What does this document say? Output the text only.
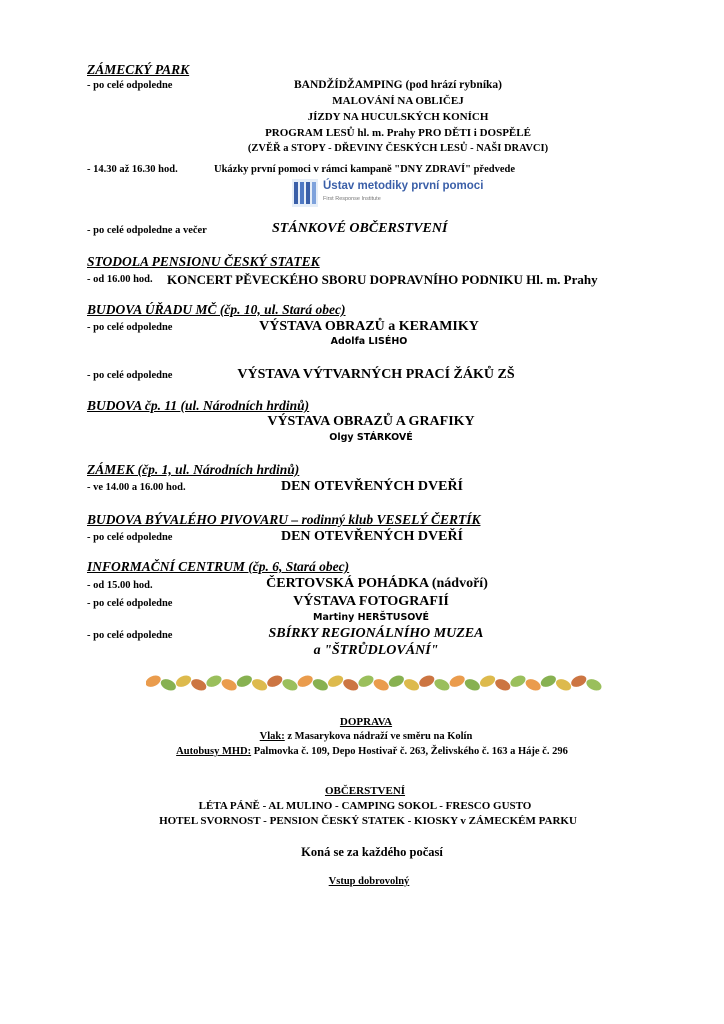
ZÁMECKÝ PARK
- po celé odpoledne	BANDŽÍDŽAMPING (pod hrází rybníka)
MALOVÁNÍ NA OBLIČEJ
JÍZDY NA HUCULSKÝCH KONÍCH
PROGRAM LESŮ hl. m. Prahy PRO DĚTI i DOSPĚLÉ
(ZVĚŘ a STOPY - DŘEVINY ČESKÝCH LESŮ - NAŠI DRAVCI)
- 14.30 až 16.30 hod.	Ukázky první pomoci v rámci kampaně "DNY ZDRAVÍ" předvede
Ústav metodiky první pomoci
First Response Institute
- po celé odpoledne a večer	STÁNKOVÉ OBČERSTVENÍ
STODOLA PENSIONU ČESKÝ STATEK
- od 16.00 hod. KONCERT PĚVECKÉHO SBORU DOPRAVNÍHO PODNIKU Hl. m. Prahy
BUDOVA ÚŘADU MČ (čp. 10, ul. Stará obec)
- po celé odpoledne	VÝSTAVA OBRAZŮ a KERAMIKY
Adolfa LISÉHO
- po celé odpoledne	VÝSTAVA VÝTVARNÝCH PRACÍ ŽÁKŮ ZŠ
BUDOVA čp. 11 (ul. Národních hrdinů)
VÝSTAVA OBRAZŮ A GRAFIKY
Olgy STÁRKOVÉ
ZÁMEK (čp. 1, ul. Národních hrdinů)
- ve 14.00 a 16.00 hod.	DEN OTEVŘENÝCH DVEŘÍ
BUDOVA BÝVALÉHO PIVOVARU – rodinný klub VESELÝ ČERTÍK
- po celé odpoledne	DEN OTEVŘENÝCH DVEŘÍ
INFORMAČNÍ CENTRUM (čp. 6, Stará obec)
- od 15.00 hod.	ČERTOVSKÁ POHÁDKA (nádvoří)
- po celé odpoledne	VÝSTAVA FOTOGRAFIÍ
Martiny HERŠTUSOVÉ
- po celé odpoledne	SBÍRKY REGIONÁLNÍHO MUZEA
a "ŠTRŮDLOVÁNÍ"
DOPRAVA
Vlak: z Masarykova nádraží ve směru na Kolín
Autobusy MHD: Palmovka č. 109, Depo Hostivař č. 263, Želivského č. 163 a Háje č. 296
OBČERSTVENÍ
LÉTA PÁNĚ - AL MULINO - CAMPING SOKOL - FRESCO GUSTO
HOTEL SVORNOST - PENSION ČESKÝ STATEK - KIOSKY v ZÁMECKÉM PARKU
Koná se za každého počasí
Vstup dobrovolný
